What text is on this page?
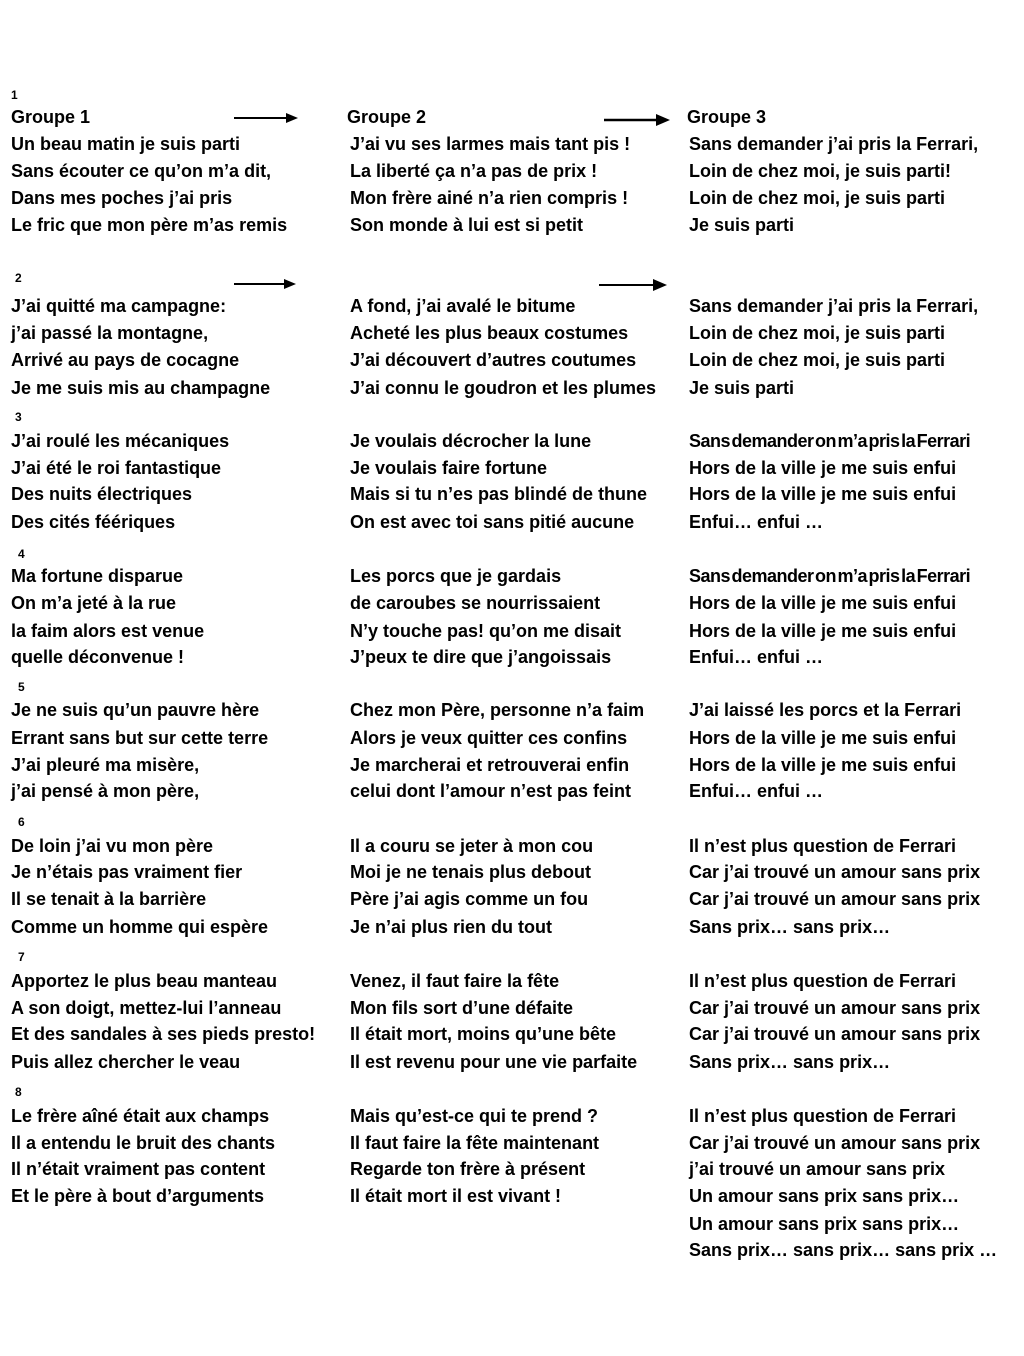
1
Groupe 1	Groupe 2	Groupe 3
Un beau matin je suis parti
Sans écouter ce qu’on m’a dit,
Dans mes poches j’ai pris
Le fric que mon père m’as remis
J’ai vu ses larmes mais tant pis !
La liberté ça n’a pas de prix !
Mon frère ainé n’a rien compris !
Son monde à lui est si petit
Sans demander j’ai pris la Ferrari,
Loin de chez moi, je suis parti!
Loin de chez moi, je suis parti
Je suis parti
2
J’ai quitté ma campagne:
j’ai passé la montagne,
Arrivé au pays de cocagne
Je me suis mis au champagne
A fond, j’ai avalé le bitume
Acheté les plus beaux costumes
J’ai découvert d’autres coutumes
J’ai connu le goudron et les plumes
Sans demander j’ai pris la Ferrari,
Loin de chez moi, je suis parti
Loin de chez moi, je suis parti
Je suis parti
3
J’ai roulé les mécaniques
J’ai été le roi fantastique
Des nuits électriques
Des cités féériques
Je voulais décrocher la lune
Je voulais faire fortune
Mais si tu n’es pas blindé de thune
On est avec toi sans pitié aucune
Sans demander on m’a pris la Ferrari
Hors de la ville je me suis enfui
Hors de la ville je me suis enfui
Enfui… enfui …
4
Ma fortune disparue
On m’a jeté à la rue
la faim alors est venue
quelle déconvenue !
Les porcs que je gardais
de caroubes se nourrissaient
N’y touche pas! qu’on me disait
J’peux te dire que j’angoissais
Sans demander on m’a pris la Ferrari
Hors de la ville je me suis enfui
Hors de la ville je me suis enfui
Enfui… enfui …
5
Je ne suis qu’un pauvre hère
Errant sans but sur cette terre
J’ai pleuré ma misère,
j’ai pensé à mon père,
Chez mon Père, personne n’a faim
Alors je veux quitter ces confins
Je marcherai et retrouverai enfin
celui dont l’amour n’est pas feint
J’ai laissé les porcs et la Ferrari
Hors de la ville je me suis enfui
Hors de la ville je me suis enfui
Enfui… enfui …
6
De loin j’ai vu mon père
Je n’étais pas vraiment fier
Il se tenait à la barrière
Comme un homme qui espère
Il a couru se jeter à mon cou
Moi je ne tenais plus debout
Père j’ai agis comme un fou
Je n’ai plus rien du tout
Il n’est plus question de Ferrari
Car j’ai trouvé un amour sans prix
Car j’ai trouvé un amour sans prix
Sans prix… sans prix…
7
Apportez le plus beau manteau
A son doigt, mettez-lui l’anneau
Et des sandales à ses pieds presto!
Puis allez chercher le veau
Venez, il faut faire la fête
Mon fils sort d’une défaite
Il était mort, moins qu’une bête
Il est revenu pour une vie parfaite
Il n’est plus question de Ferrari
Car j’ai trouvé un amour sans prix
Car j’ai trouvé un amour sans prix
Sans prix… sans prix…
8
Le frère aîné était aux champs
Il a entendu le bruit des chants
Il n’était vraiment pas content
Et le père à bout d’arguments
Mais qu’est-ce qui te prend ?
Il faut faire la fête maintenant
Regarde ton frère à présent
Il était mort il est vivant !
Il n’est plus question de Ferrari
Car j’ai trouvé un amour sans prix
j’ai trouvé un amour sans prix
Un amour sans prix sans prix…
Un amour sans prix sans prix…
Sans prix… sans prix… sans prix …
